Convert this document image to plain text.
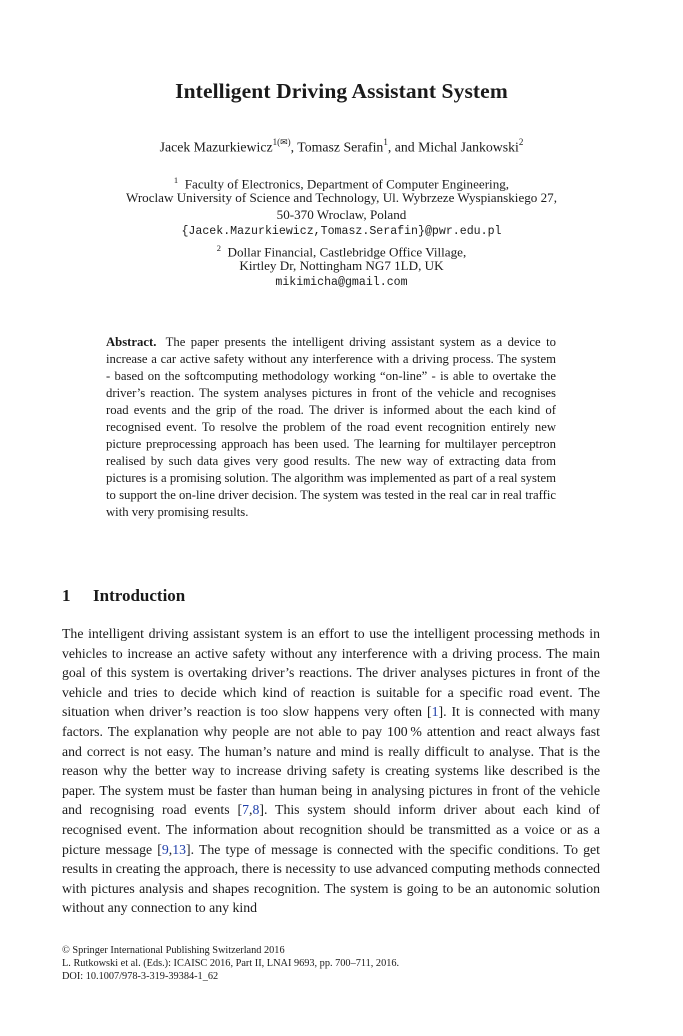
Intelligent Driving Assistant System
Jacek Mazurkiewicz$^{1(✉)}$, Tomasz Serafin$^1$, and Michal Jankowski$^2$
$^1$ Faculty of Electronics, Department of Computer Engineering,
Wroclaw University of Science and Technology, Ul. Wybrzeze Wyspianskiego 27,
50-370 Wroclaw, Poland
{Jacek.Mazurkiewicz,Tomasz.Serafin}@pwr.edu.pl
$^2$ Dollar Financial, Castlebridge Office Village,
Kirtley Dr, Nottingham NG7 1LD, UK
mikimicha@gmail.com
Abstract. The paper presents the intelligent driving assistant system as a device to increase a car active safety without any interference with a driving process. The system - based on the softcomputing methodology working “on-line” - is able to overtake the driver’s reaction. The system analyses pictures in front of the vehicle and recognises road events and the grip of the road. The driver is informed about the each kind of recognised event. To resolve the problem of the road event recognition entirely new picture preprocessing approach has been used. The learning for multilayer perceptron realised by such data gives very good results. The new way of extracting data from pictures is a promising solution. The algorithm was implemented as part of a real system to support the on-line driver decision. The system was tested in the real car in real traffic with very promising results.
1 Introduction
The intelligent driving assistant system is an effort to use the intelligent processing methods in vehicles to increase an active safety without any interference with a driving process. The main goal of this system is overtaking driver’s reactions. The driver analyses pictures in front of the vehicle and tries to decide which kind of reaction is suitable for a specific road event. The situation when driver’s reaction is too slow happens very often [1]. It is connected with many factors. The explanation why people are not able to pay 100 % attention and react always fast and correct is not easy. The human’s nature and mind is really difficult to analyse. That is the reason why the better way to increase driving safety is creating systems like described is the paper. The system must be faster than human being in analysing pictures in front of the vehicle and recognising road events [7,8]. This system should inform driver about each kind of recognised event. The information about recognition should be transmitted as a voice or as a picture message [9,13]. The type of message is connected with the specific conditions. To get results in creating the approach, there is necessity to use advanced computing methods connected with pictures analysis and shapes recognition. The system is going to be an autonomic solution without any connection to any kind
© Springer International Publishing Switzerland 2016
L. Rutkowski et al. (Eds.): ICAISC 2016, Part II, LNAI 9693, pp. 700–711, 2016.
DOI: 10.1007/978-3-319-39384-1_62
